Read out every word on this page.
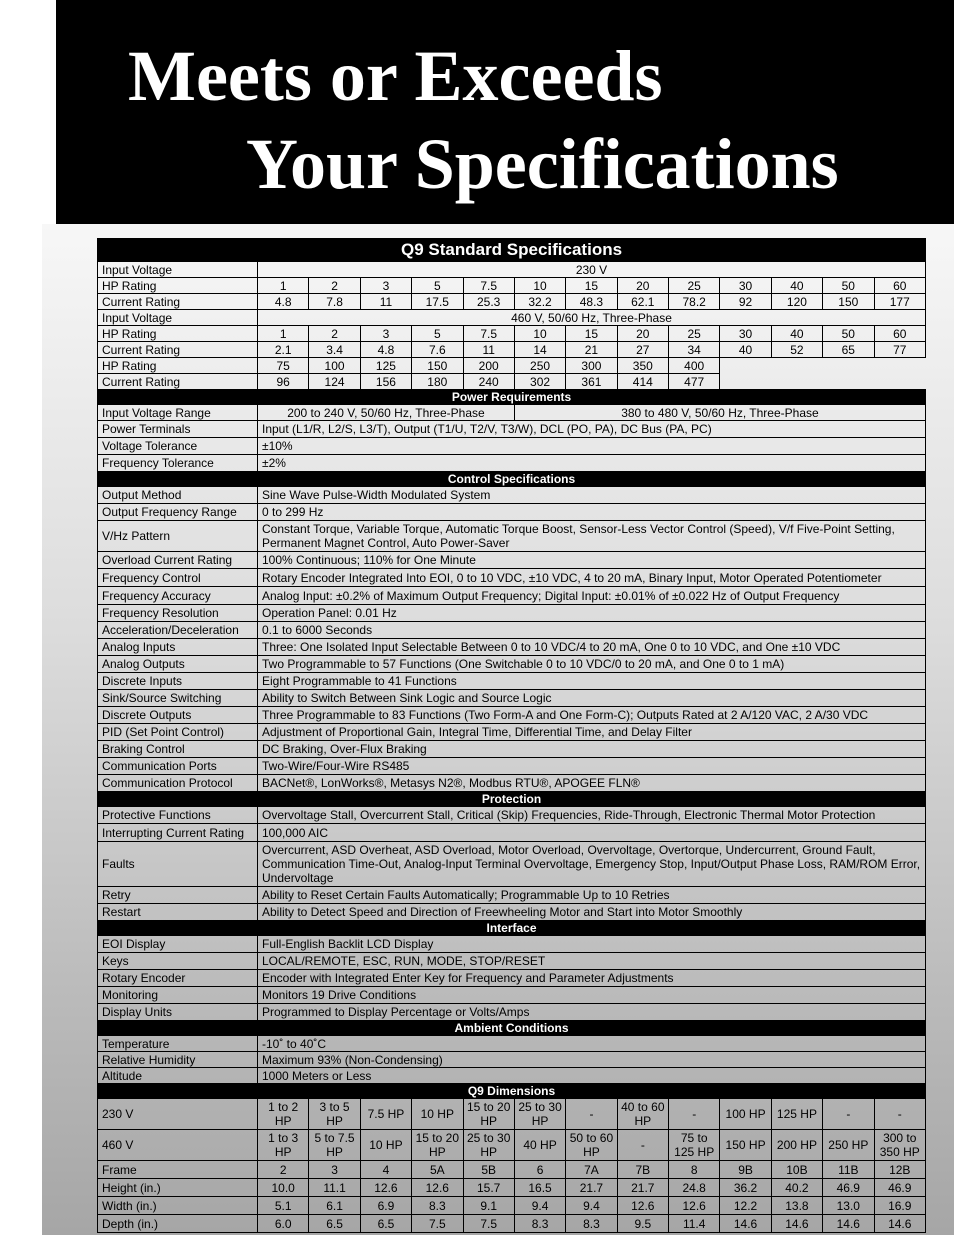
Meets or Exceeds
Your Specifications
Q9 Standard Specifications														
Input Voltage	230 V													
HP Rating	1	2	3	5	7.5	10	15	20	25	30	40	50	60	
Current Rating	4.8	7.8	11	17.5	25.3	32.2	48.3	62.1	78.2	92	120	150	177	
Input Voltage	460 V, 50/60 Hz, Three-Phase													
HP Rating	1	2	3	5	7.5	10	15	20	25	30	40	50	60	
Current Rating	2.1	3.4	4.8	7.6	11	14	21	27	34	40	52	65	77	
HP Rating	75	100	125	150	200	250	300	350	400					
Current Rating	96	124	156	180	240	302	361	414	477					
Power Requirements														
Input Voltage Range	200 to 240 V, 50/60 Hz, Three-Phase					380 to 480 V, 50/60 Hz, Three-Phase								
Power Terminals	Input (L1/R, L2/S, L3/T), Output (T1/U, T2/V, T3/W), DCL (PO, PA), DC Bus (PA, PC)													
Voltage Tolerance	±10%													
Frequency Tolerance	±2%													
Control Specifications														
Output Method	Sine Wave Pulse-Width Modulated System													
Output Frequency Range	0 to 299 Hz													
V/Hz Pattern	Constant Torque, Variable Torque, Automatic Torque Boost, Sensor-Less Vector Control (Speed), V/f Five-Point Setting, Permanent Magnet Control, Auto Power-Saver													
Overload Current Rating	100% Continuous; 110% for One Minute													
Frequency Control	Rotary Encoder Integrated Into EOI, 0 to 10 VDC, ±10 VDC, 4 to 20 mA, Binary Input, Motor Operated Potentiometer													
Frequency Accuracy	Analog Input: ±0.2% of Maximum Output Frequency; Digital Input: ±0.01% of ±0.022 Hz of Output Frequency													
Frequency Resolution	Operation Panel: 0.01 Hz													
Acceleration/Deceleration	0.1 to 6000 Seconds													
Analog Inputs	Three: One Isolated Input Selectable Between 0 to 10 VDC/4 to 20 mA, One 0 to 10 VDC, and One ±10 VDC													
Analog Outputs	Two Programmable to 57 Functions (One Switchable 0 to 10 VDC/0 to 20 mA, and One 0 to 1 mA)													
Discrete Inputs	Eight Programmable to 41 Functions													
Sink/Source Switching	Ability to Switch Between Sink Logic and Source Logic													
Discrete Outputs	Three Programmable to 83 Functions (Two Form-A and One Form-C); Outputs Rated at 2 A/120 VAC, 2 A/30 VDC													
PID (Set Point Control)	Adjustment of Proportional Gain, Integral Time, Differential Time, and Delay Filter													
Braking Control	DC Braking, Over-Flux Braking													
Communication Ports	Two-Wire/Four-Wire RS485													
Communication Protocol	BACNet®, LonWorks®, Metasys N2®, Modbus RTU®, APOGEE FLN®													
Protection														
Protective Functions	Overvoltage Stall, Overcurrent Stall, Critical (Skip) Frequencies, Ride-Through, Electronic Thermal Motor Protection													
Interrupting Current Rating	100,000 AIC													
Faults	Overcurrent, ASD Overheat, ASD Overload, Motor Overload, Overvoltage, Overtorque, Undercurrent, Ground Fault, Communication Time-Out, Analog-Input Terminal Overvoltage, Emergency Stop, Input/Output Phase Loss, RAM/ROM Error, Undervoltage													
Retry	Ability to Reset Certain Faults Automatically; Programmable Up to 10 Retries													
Restart	Ability to Detect Speed and Direction of Freewheeling Motor and Start into Motor Smoothly													
Interface														
EOI Display	Full-English Backlit LCD Display													
Keys	LOCAL/REMOTE, ESC, RUN, MODE, STOP/RESET													
Rotary Encoder	Encoder with Integrated Enter Key for Frequency and Parameter Adjustments													
Monitoring	Monitors 19 Drive Conditions													
Display Units	Programmed to Display Percentage or Volts/Amps													
Ambient Conditions														
Temperature	-10˚ to 40˚C													
Relative Humidity	Maximum 93% (Non-Condensing)													
Altitude	1000 Meters or Less													
Q9 Dimensions														
230 V	1 to 2 HP	3 to 5 HP	7.5 HP	10 HP	15 to 20 HP	25 to 30 HP	-	40 to 60 HP	-	100 HP	125 HP	-	-	
460 V	1 to 3 HP	5 to 7.5 HP	10 HP	15 to 20 HP	25 to 30 HP	40 HP	50 to 60 HP	-	75 to 125 HP	150 HP	200 HP	250 HP	300 to 350 HP	
Frame	2	3	4	5A	5B	6	7A	7B	8	9B	10B	11B	12B	
Height (in.)	10.0	11.1	12.6	12.6	15.7	16.5	21.7	21.7	24.8	36.2	40.2	46.9	46.9	
Width (in.)	5.1	6.1	6.9	8.3	9.1	9.4	9.4	12.6	12.6	12.2	13.8	13.0	16.9	
Depth (in.)	6.0	6.5	6.5	7.5	7.5	8.3	8.3	9.5	11.4	14.6	14.6	14.6	14.6	
